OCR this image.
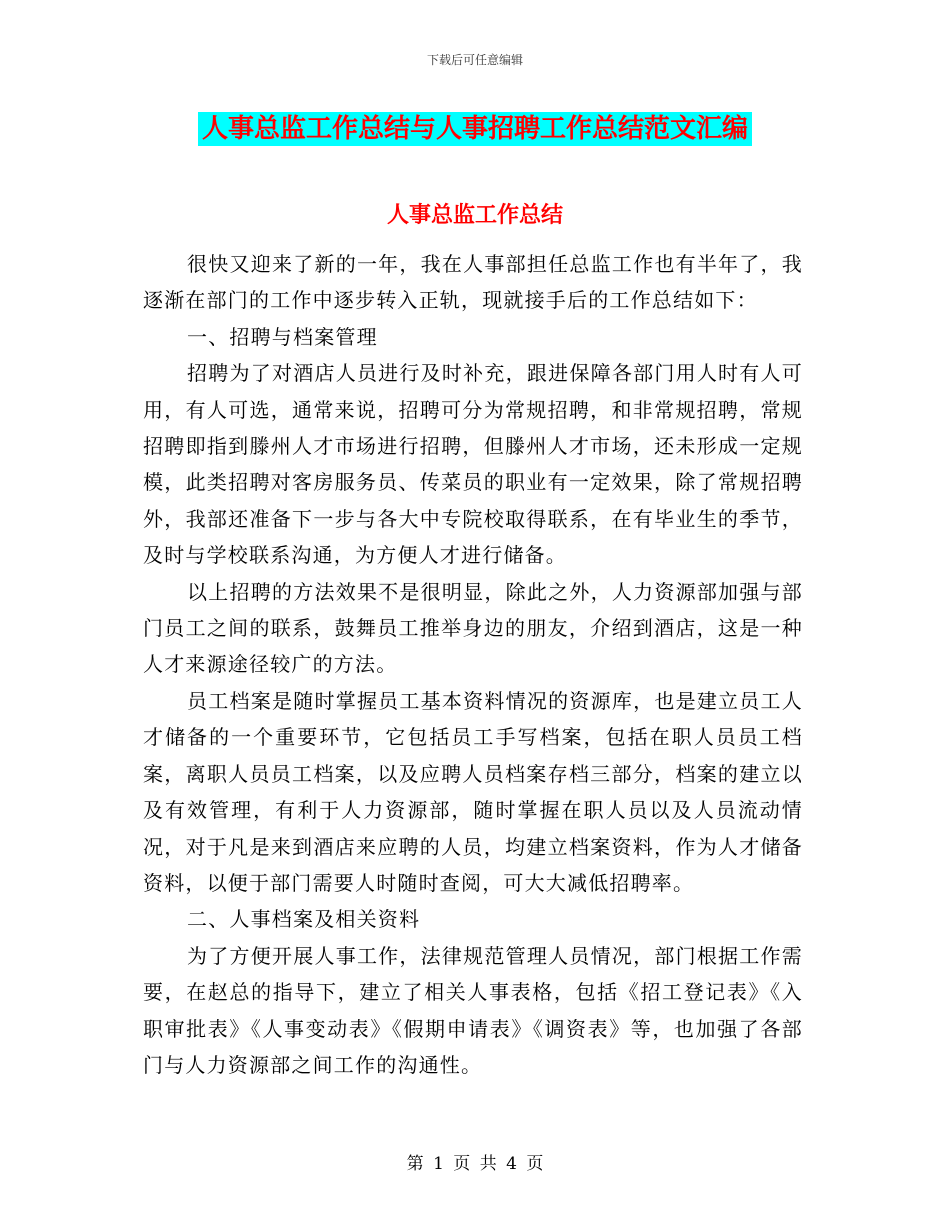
下载后可任意编辑
人事总监工作总结与人事招聘工作总结范文汇编
人事总监工作总结

很快又迎来了新的一年，我在人事部担任总监工作也有半年了，我逐渐在部门的工作中逐步转入正轨，现就接手后的工作总结如下：

一、招聘与档案管理

招聘为了对酒店人员进行及时补充，跟进保障各部门用人时有人可用，有人可选，通常来说，招聘可分为常规招聘，和非常规招聘，常规招聘即指到滕州人才市场进行招聘，但滕州人才市场，还未形成一定规模，此类招聘对客房服务员、传菜员的职业有一定效果，除了常规招聘外，我部还准备下一步与各大中专院校取得联系，在有毕业生的季节，及时与学校联系沟通，为方便人才进行储备。

以上招聘的方法效果不是很明显，除此之外，人力资源部加强与部门员工之间的联系，鼓舞员工推举身边的朋友，介绍到酒店，这是一种人才来源途径较广的方法。

员工档案是随时掌握员工基本资料情况的资源库，也是建立员工人才储备的一个重要环节，它包括员工手写档案，包括在职人员员工档案，离职人员员工档案，以及应聘人员档案存档三部分，档案的建立以及有效管理，有利于人力资源部，随时掌握在职人员以及人员流动情况，对于凡是来到酒店来应聘的人员，均建立档案资料，作为人才储备资料，以便于部门需要人时随时查阅，可大大减低招聘率。

二、人事档案及相关资料

为了方便开展人事工作，法律规范管理人员情况，部门根据工作需要，在赵总的指导下，建立了相关人事表格，包括《招工登记表》《入职审批表》《人事变动表》《假期申请表》《调资表》等，也加强了各部门与人力资源部之间工作的沟通性。

第 1 页 共 4 页
